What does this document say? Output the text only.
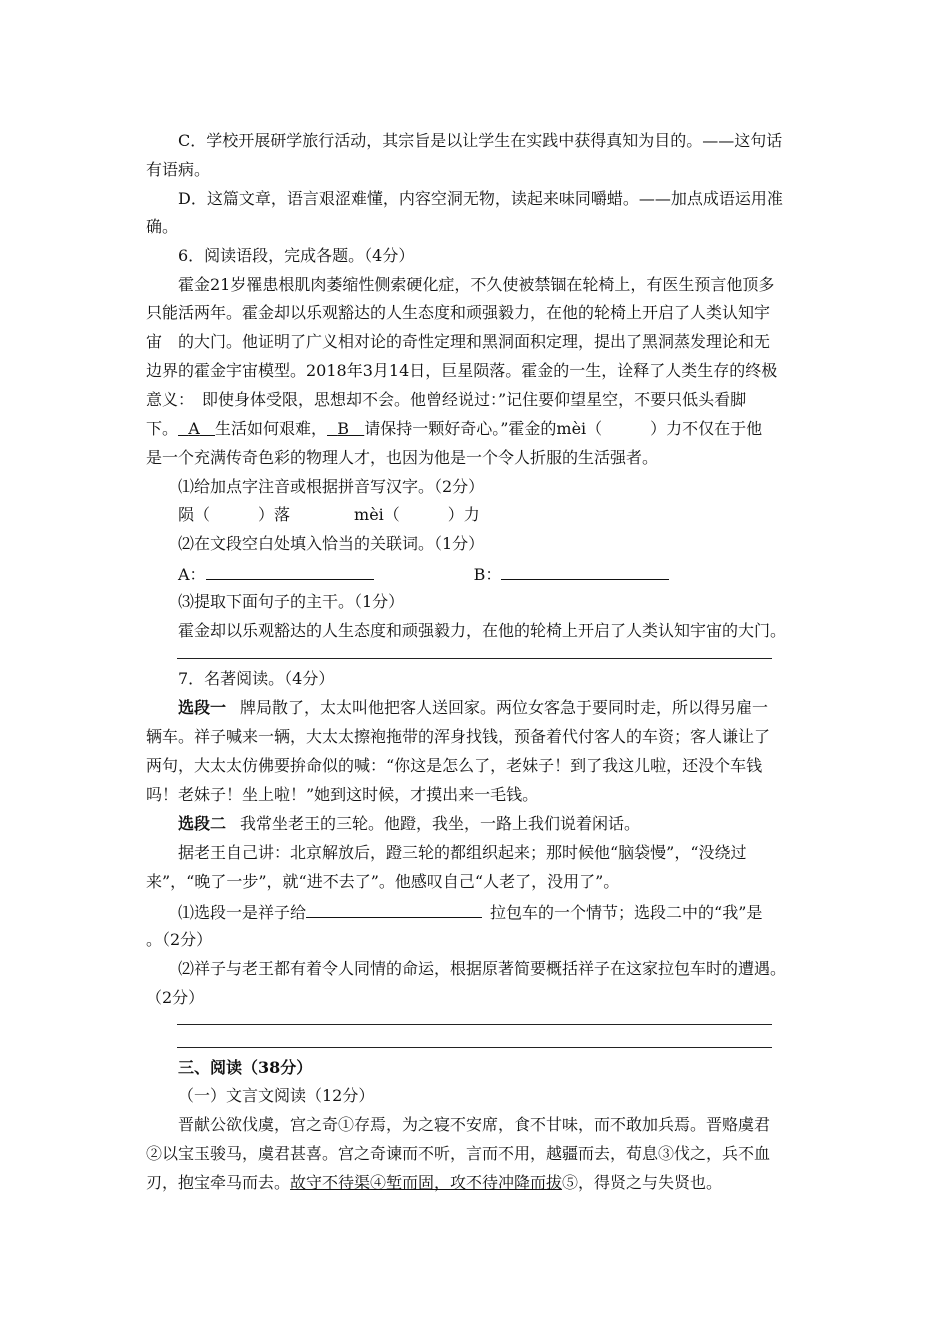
C．学校开展研学旅行活动，其宗旨是以让学生在实践中获得真知为目的。——这句话
有语病。
D．这篇文章，语言艰涩难懂，内容空洞无物，读起来味同嚼蜡。——加点成语运用准
确。
6．阅读语段，完成各题。（4分）
霍金21岁罹患根肌肉萎缩性侧索硬化症，不久使被禁锢在轮椅上，有医生预言他顶多
只能活两年。霍金却以乐观豁达的人生态度和顽强毅力，在他的轮椅上开启了人类认知宇
宙　的大门。他证明了广义相对论的奇性定理和黑洞面积定理，提出了黑洞蒸发理论和无
边界的霍金宇宙模型。2018年3月14日，巨星陨落。霍金的一生，诠释了人类生存的终极
意义：　即使身体受限，思想却不会。他曾经说过：”记住要仰望星空，不要只低头看脚
下。 A 生活如何艰难， B 请保持一颗好奇心。”霍金的mèi（　　　）力不仅在于他
是一个充满传奇色彩的物理人才，也因为他是一个令人折服的生活强者。
⑴给加点字注音或根据拼音写汉字。（2分）
陨（　　　）落	mèi（　　　）力
⑵在文段空白处填入恰当的关联词。（1分）
A：	B：
⑶提取下面句子的主干。（1分）
霍金却以乐观豁达的人生态度和顽强毅力，在他的轮椅上开启了人类认知宇宙的大门。
7．名著阅读。（4分）
选段一 牌局散了，太太叫他把客人送回家。两位女客急于要同时走，所以得另雇一
辆车。祥子喊来一辆，大太太擦袍拖带的浑身找钱，预备着代付客人的车资；客人谦让了
两句，大太太仿佛要拚命似的喊：“你这是怎么了，老妹子！到了我这儿啦，还没个车钱
吗！老妹子！坐上啦！”她到这时候，才摸出来一毛钱。
选段二 我常坐老王的三轮。他蹬，我坐，一路上我们说着闲话。
据老王自己讲：北京解放后，蹬三轮的都组织起来；那时候他“脑袋慢”，“没绕过
来”，“晚了一步”，就“进不去了”。他感叹自己“人老了，没用了”。
⑴选段一是祥子给	拉包车的一个情节；选段二中的“我”是
。（2分）
⑵祥子与老王都有着令人同情的命运，根据原著简要概括祥子在这家拉包车时的遭遇。
（2分）
三、阅读（38分）
（一）文言文阅读（12分）
晋献公欲伐虞，宫之奇①存焉，为之寝不安席，食不甘味，而不敢加兵焉。晋赂虞君
②以宝玉骏马，虞君甚喜。宫之奇谏而不听，言而不用，越疆而去，荀息③伐之，兵不血
刃，抱宝牵马而去。故守不待渠④堑而固，攻不待冲降而拔⑤，得贤之与失贤也。
